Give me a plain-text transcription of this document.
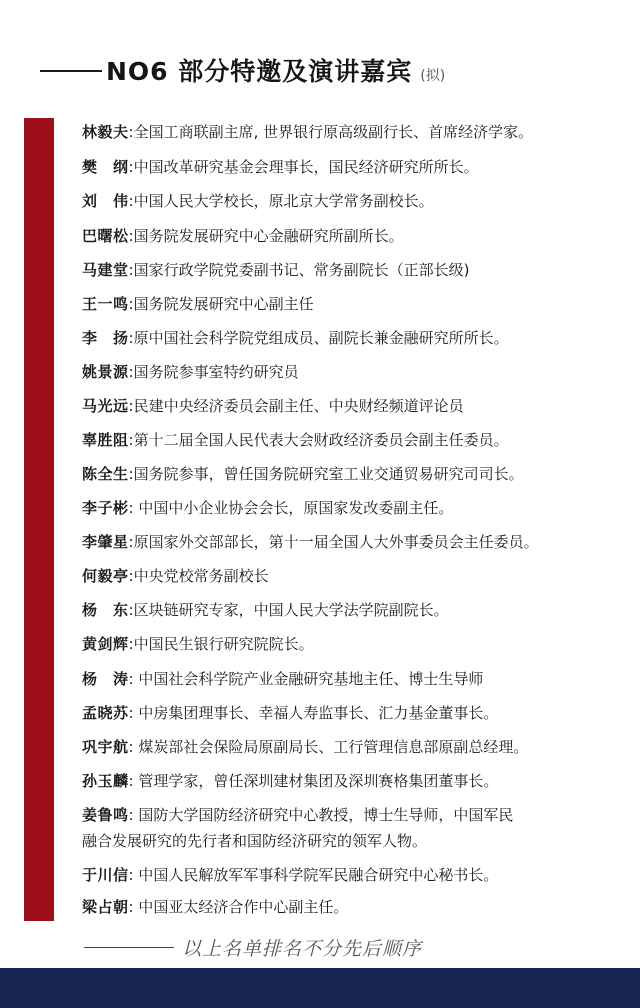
NO6 部分特邀及演讲嘉宾 (拟)
林毅夫:全国工商联副主席, 世界银行原高级副行长、首席经济学家。
樊　纲:中国改革研究基金会理事长，国民经济研究所所长。
刘　伟:中国人民大学校长，原北京大学常务副校长。
巴曙松:国务院发展研究中心金融研究所副所长。
马建堂:国家行政学院党委副书记、常务副院长（正部长级)
王一鸣:国务院发展研究中心副主任
李　扬:原中国社会科学院党组成员、副院长兼金融研究所所长。
姚景源:国务院参事室特约研究员
马光远:民建中央经济委员会副主任、中央财经频道评论员
辜胜阻:第十二届全国人民代表大会财政经济委员会副主任委员。
陈全生:国务院参事，曾任国务院研究室工业交通贸易研究司司长。
李子彬: 中国中小企业协会会长，原国家发改委副主任。
李肇星:原国家外交部部长，第十一届全国人大外事委员会主任委员。
何毅亭:中央党校常务副校长
杨　东:区块链研究专家，中国人民大学法学院副院长。
黄剑辉:中国民生银行研究院院长。
杨　涛: 中国社会科学院产业金融研究基地主任、博士生导师
孟晓苏: 中房集团理事长、幸福人寿监事长、汇力基金董事长。
巩宇航: 煤炭部社会保险局原副局长、工行管理信息部原副总经理。
孙玉麟: 管理学家，曾任深圳建材集团及深圳赛格集团董事长。
姜鲁鸣: 国防大学国防经济研究中心教授，博士生导师，中国军民
融合发展研究的先行者和国防经济研究的领军人物。
于川信: 中国人民解放军军事科学院军民融合研究中心秘书长。
梁占朝: 中国亚太经济合作中心副主任。
以上名单排名不分先后顺序
